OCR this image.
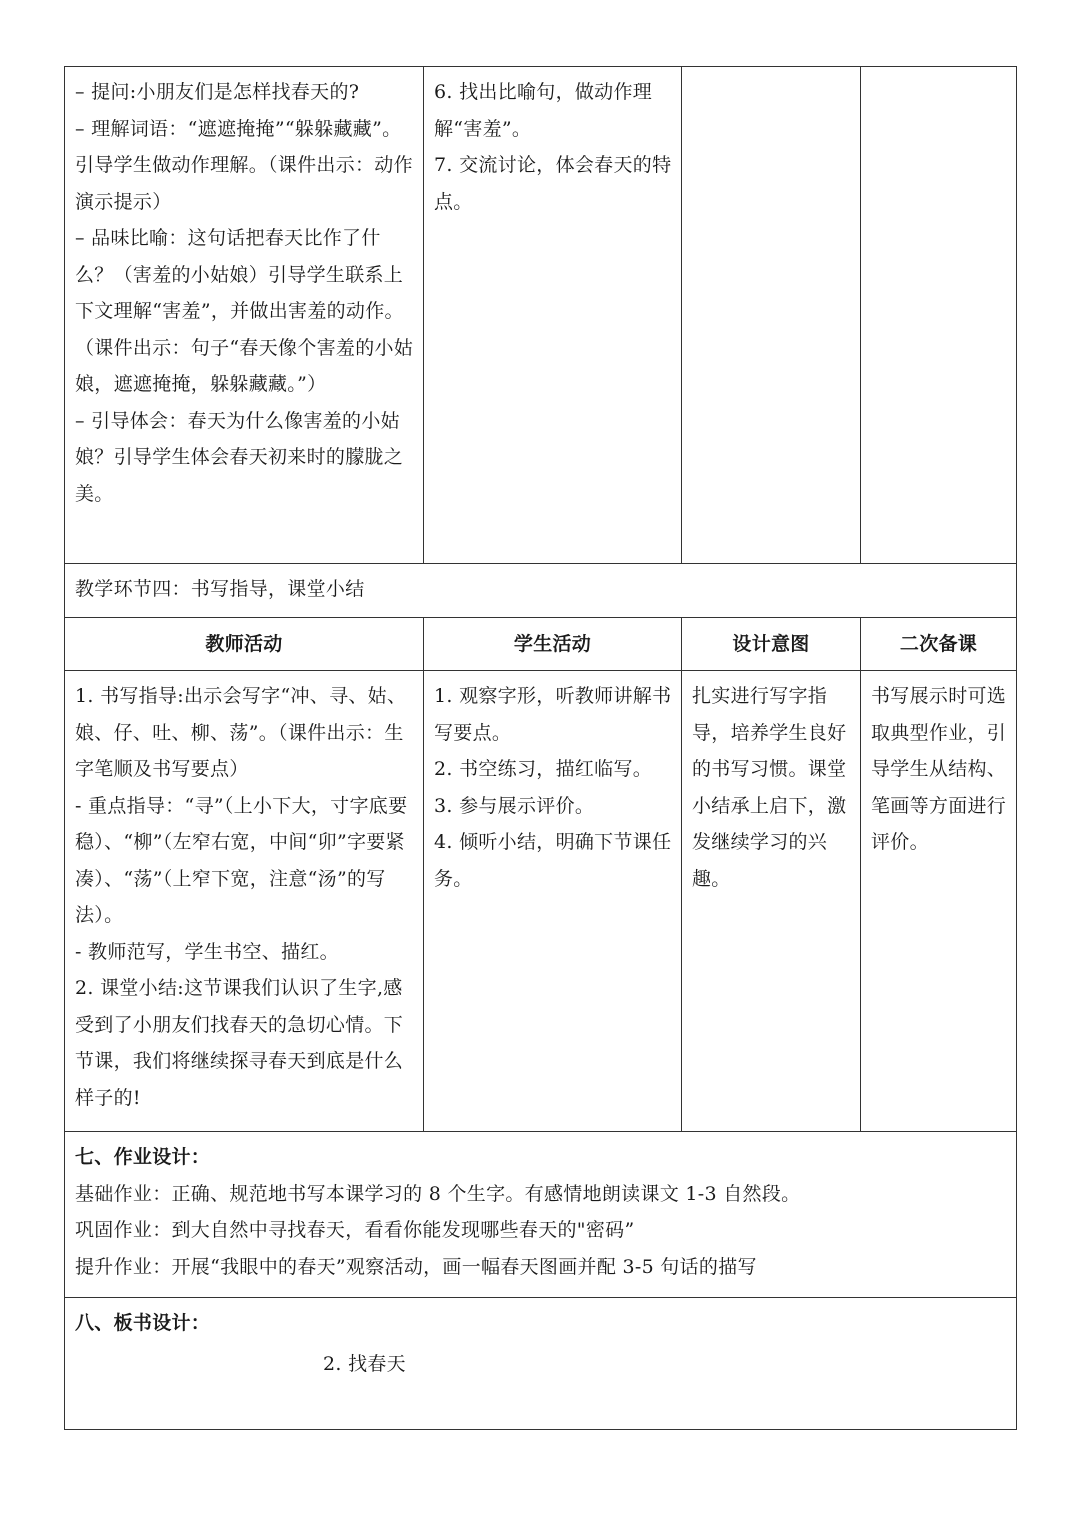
– 提问:小朋友们是怎样找春天的?
– 理解词语：“遮遮掩掩”“躲躲藏藏”。引导学生做动作理解。（课件出示：动作演示提示）
– 品味比喻：这句话把春天比作了什么？（害羞的小姑娘）引导学生联系上下文理解“害羞”，并做出害羞的动作。（课件出示：句子“春天像个害羞的小姑娘，遮遮掩掩，躲躲藏藏。”）
– 引导体会：春天为什么像害羞的小姑娘？引导学生体会春天初来时的朦胧之美。	6. 找出比喻句，做动作理解“害羞”。
7. 交流讨论，体会春天的特点。		

教学环节四：书写指导，课堂小结			
教师活动	学生活动	设计意图	二次备课

1. 书写指导:出示会写字“冲、寻、姑、娘、仔、吐、柳、荡”。（课件出示：生字笔顺及书写要点）
- 重点指导：“寻”（上小下大，寸字底要稳）、“柳”（左窄右宽，中间“卯”字要紧凑）、“荡”（上窄下宽，注意“汤”的写法）。
- 教师范写，学生书空、描红。
2. 课堂小结:这节课我们认识了生字,感受到了小朋友们找春天的急切心情。下节课，我们将继续探寻春天到底是什么样子的!	1. 观察字形，听教师讲解书写要点。
2. 书空练习，描红临写。
3. 参与展示评价。
4. 倾听小结，明确下节课任务。	扎实进行写字指导，培养学生良好的书写习惯。课堂小结承上启下，激发继续学习的兴趣。	书写展示时可选取典型作业，引导学生从结构、笔画等方面进行评价。

七、作业设计：
基础作业：正确、规范地书写本课学习的 8 个生字。有感情地朗读课文 1-3 自然段。
巩固作业：到大自然中寻找春天，看看你能发现哪些春天的"密码”
提升作业：开展“我眼中的春天”观察活动，画一幅春天图画并配 3-5 句话的描写			

八、板书设计：
2. 找春天			
